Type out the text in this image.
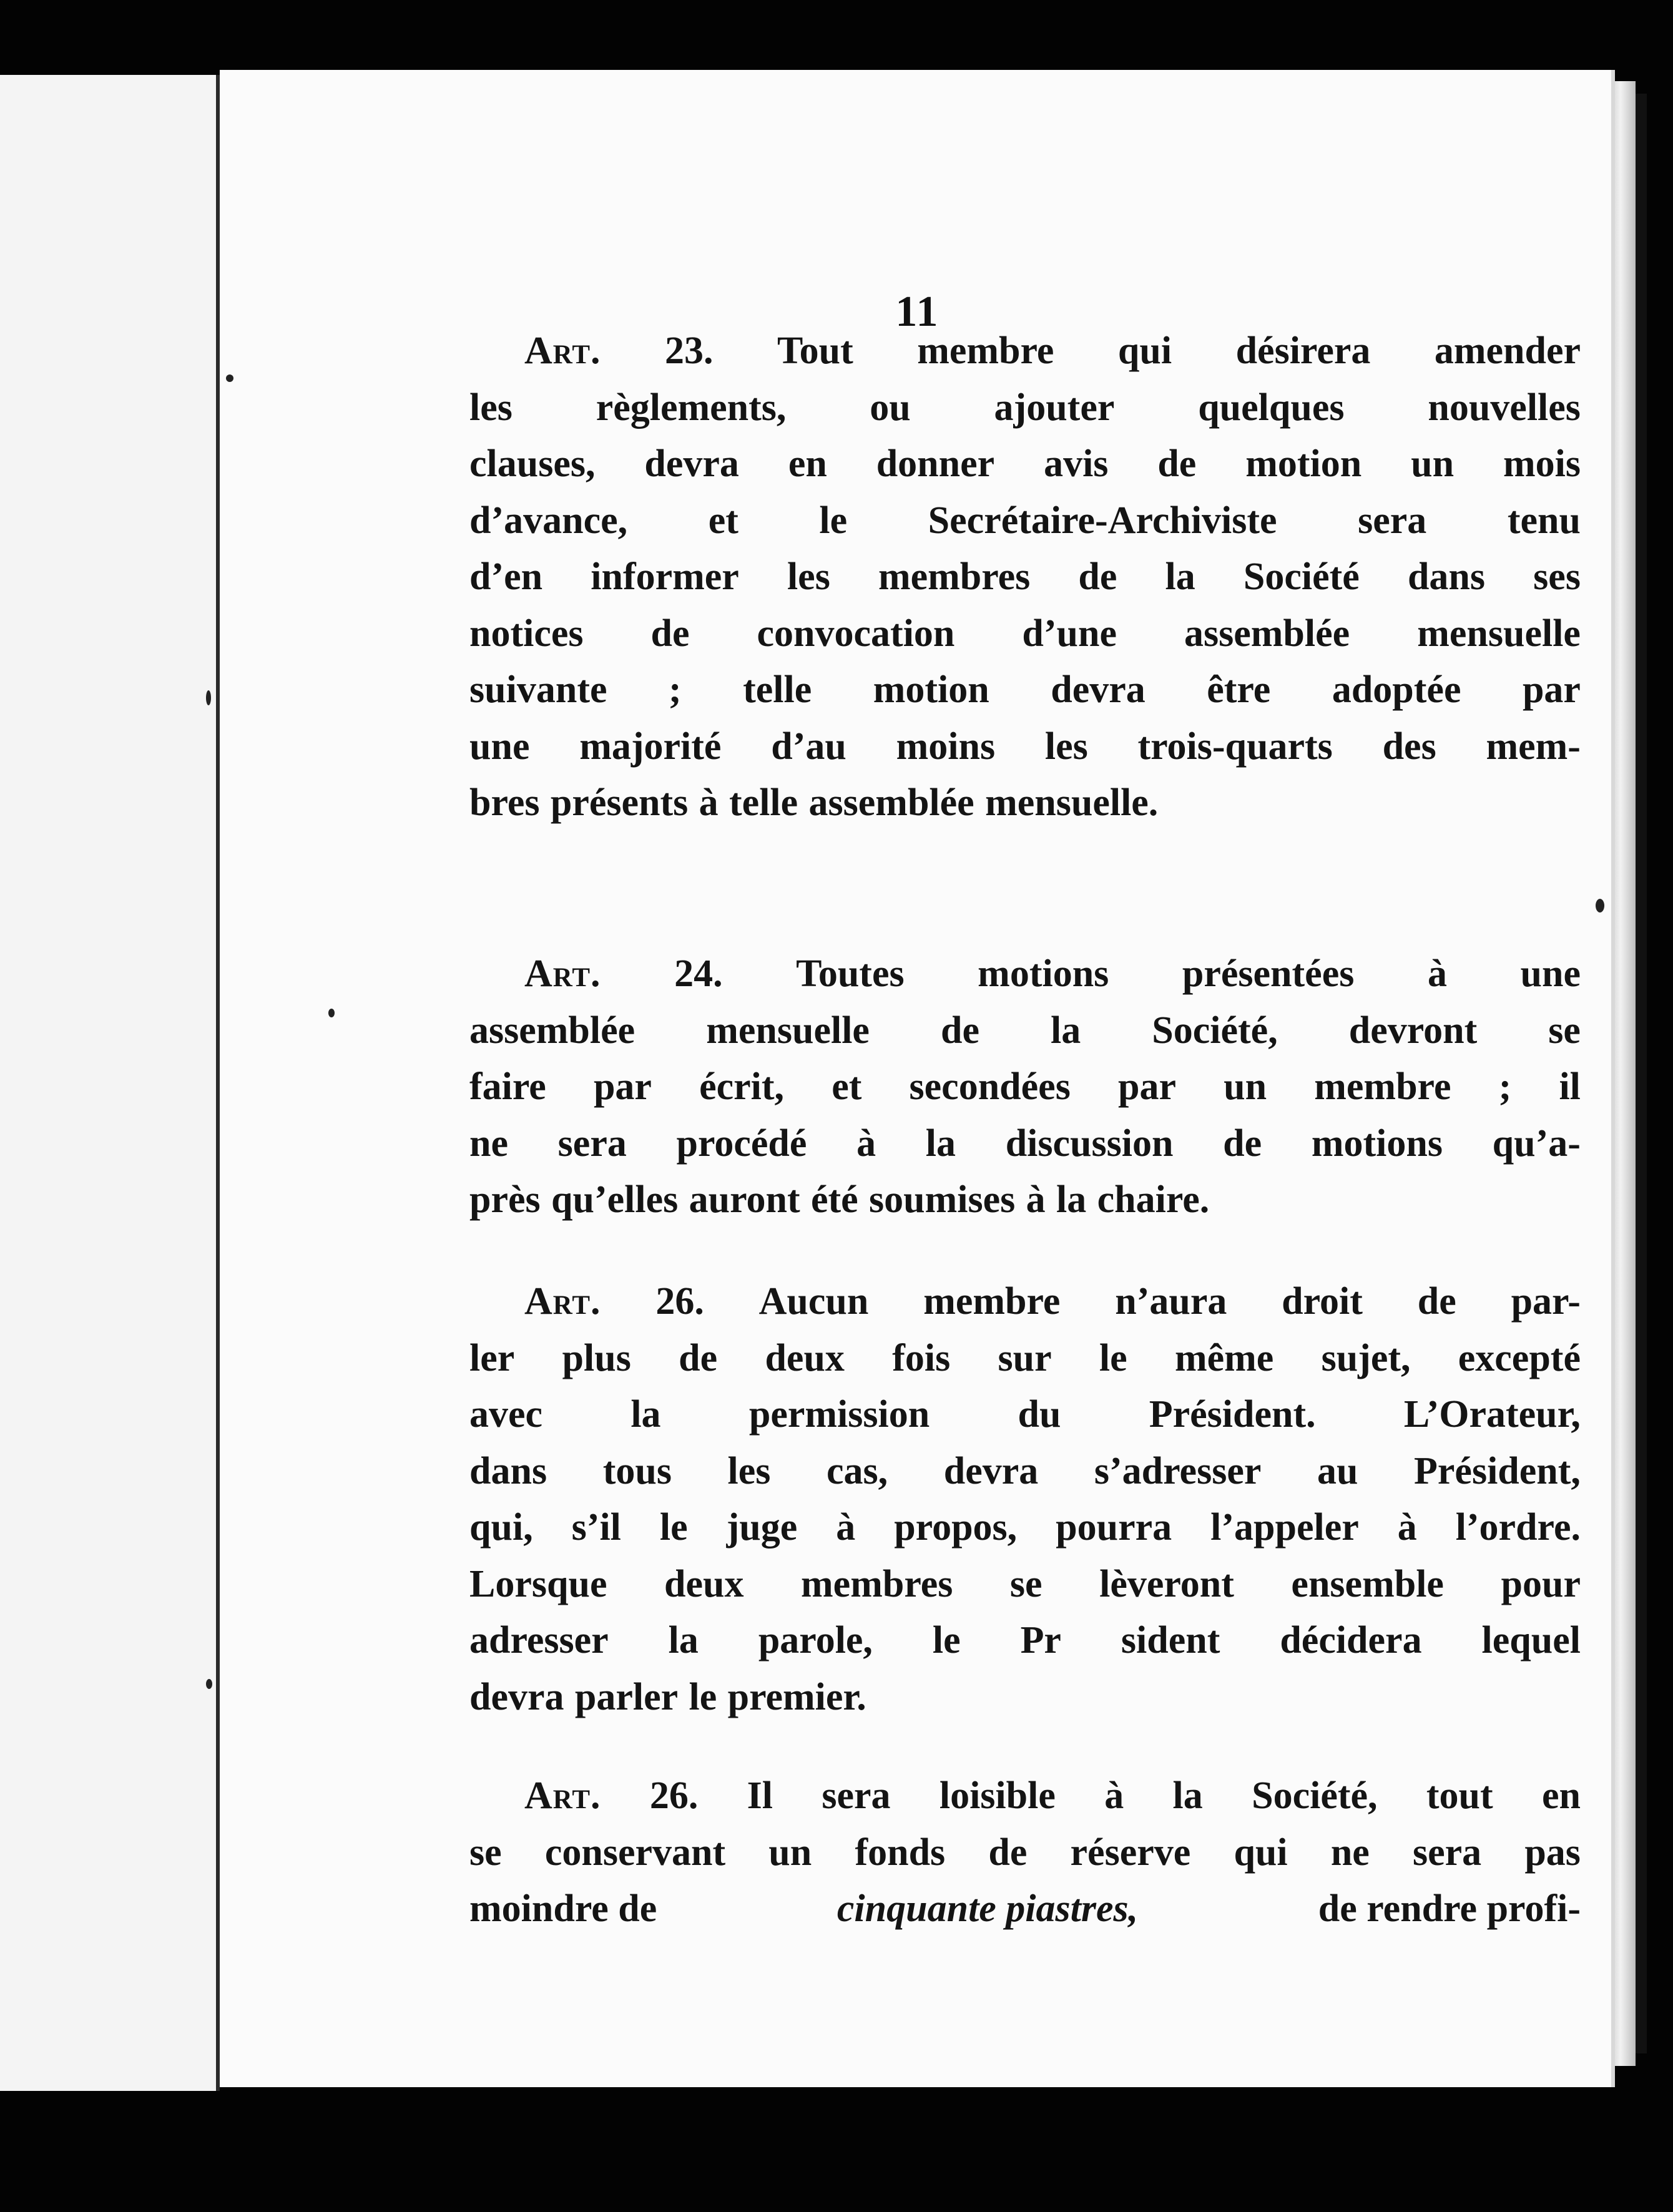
11
Art. 23. Tout membre qui désirera amender
les règlements, ou ajouter quelques nouvelles
clauses, devra en donner avis de motion un mois
d’avance, et le Secrétaire-Archiviste sera tenu
d’en informer les membres de la Société dans ses
notices de convocation d’une assemblée mensuelle
suivante ; telle motion devra être adoptée par
une majorité d’au moins les trois-quarts des mem-
bres présents à telle assemblée mensuelle.
Art. 24. Toutes motions présentées à une
assemblée mensuelle de la Société, devront se
faire par écrit, et secondées par un membre ; il
ne sera procédé à la discussion de motions qu’a-
près qu’elles auront été soumises à la chaire.
Art. 26. Aucun membre n’aura droit de par-
ler plus de deux fois sur le même sujet, excepté
avec la permission du Président. L’Orateur,
dans tous les cas, devra s’adresser au Président,
qui, s’il le juge à propos, pourra l’appeler à l’ordre.
Lorsque deux membres se lèveront ensemble pour
adresser la parole, le Pr sident décidera lequel
devra parler le premier.
Art. 26. Il sera loisible à la Société, tout en
se conservant un fonds de réserve qui ne sera pas
moindre de	cinquante piastres,	de rendre profi-
